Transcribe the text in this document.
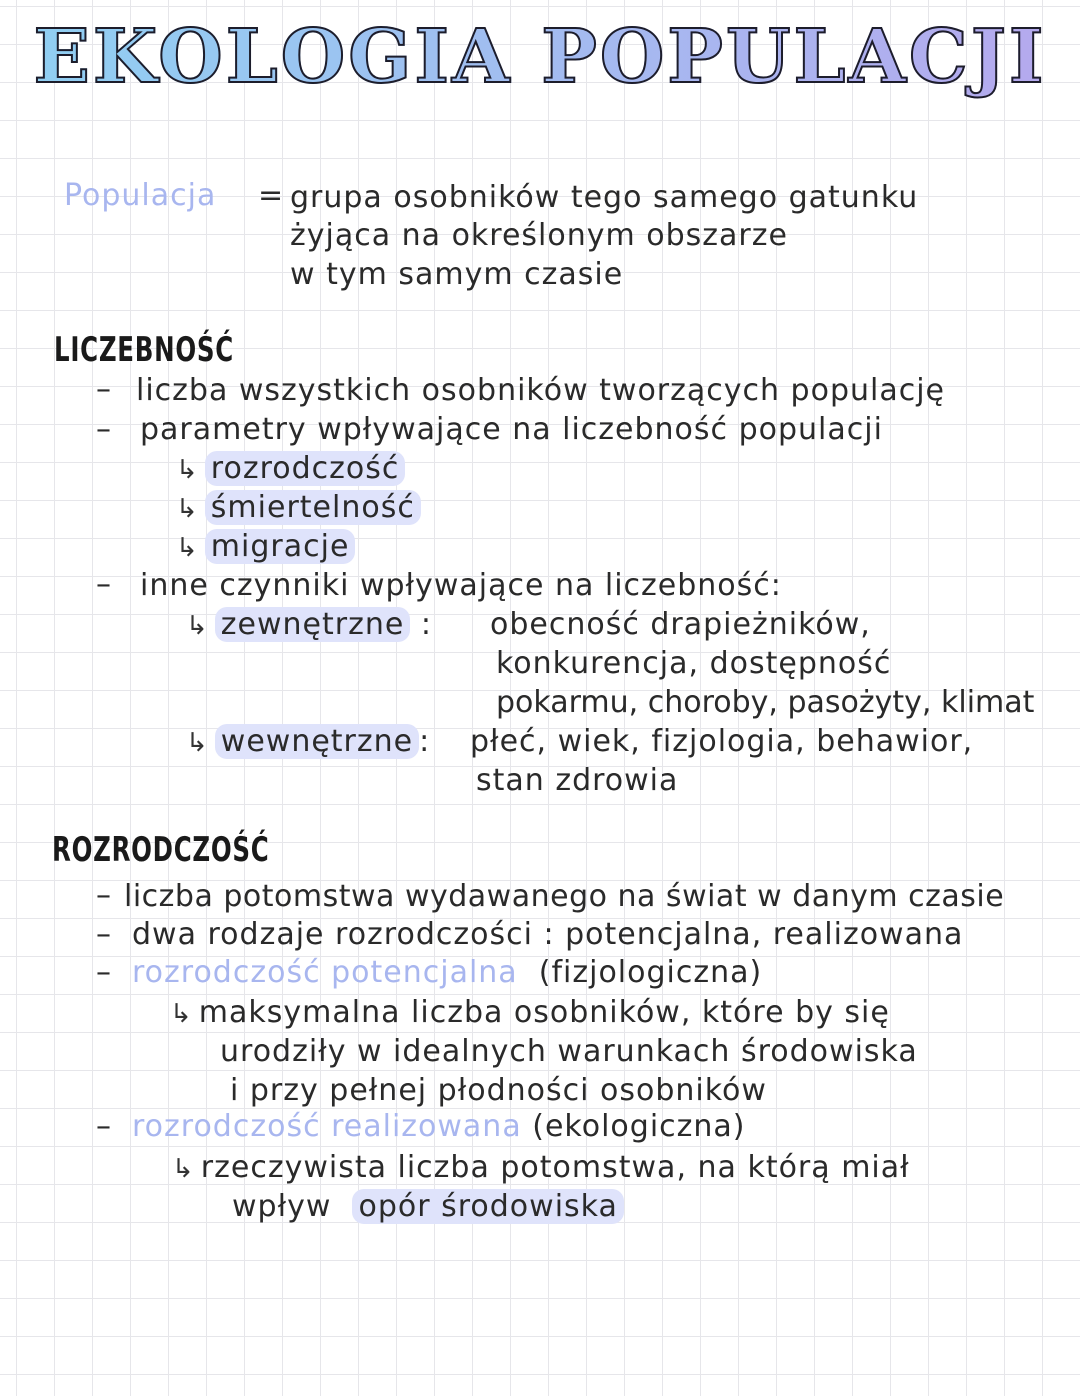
EKOLOGIA POPULACJI
Populacja = grupa osobników tego samego gatunku
żyjąca na określonym obszarze
w tym samym czasie
LICZEBNOŚĆ
– liczba wszystkich osobników tworzących populację
– parametry wpływające na liczebność populacji
↳ rozrodczość
↳ śmiertelność
↳ migracje
– inne czynniki wpływające na liczebność:
↳ zewnętrzne : obecność drapieżników,
konkurencja, dostępność
pokarmu, choroby, pasożyty, klimat
↳ wewnętrzne : płeć, wiek, fizjologia, behawior,
stan zdrowia
ROZRODCZOŚĆ
– liczba potomstwa wydawanego na świat w danym czasie
– dwa rodzaje rozrodczości : potencjalna, realizowana
– rozrodczość potencjalna (fizjologiczna)
↳ maksymalna liczba osobników, które by się
urodziły w idealnych warunkach środowiska
i przy pełnej płodności osobników
– rozrodczość realizowana (ekologiczna)
↳ rzeczywista liczba potomstwa, na którą miał
wpływ opór środowiska
